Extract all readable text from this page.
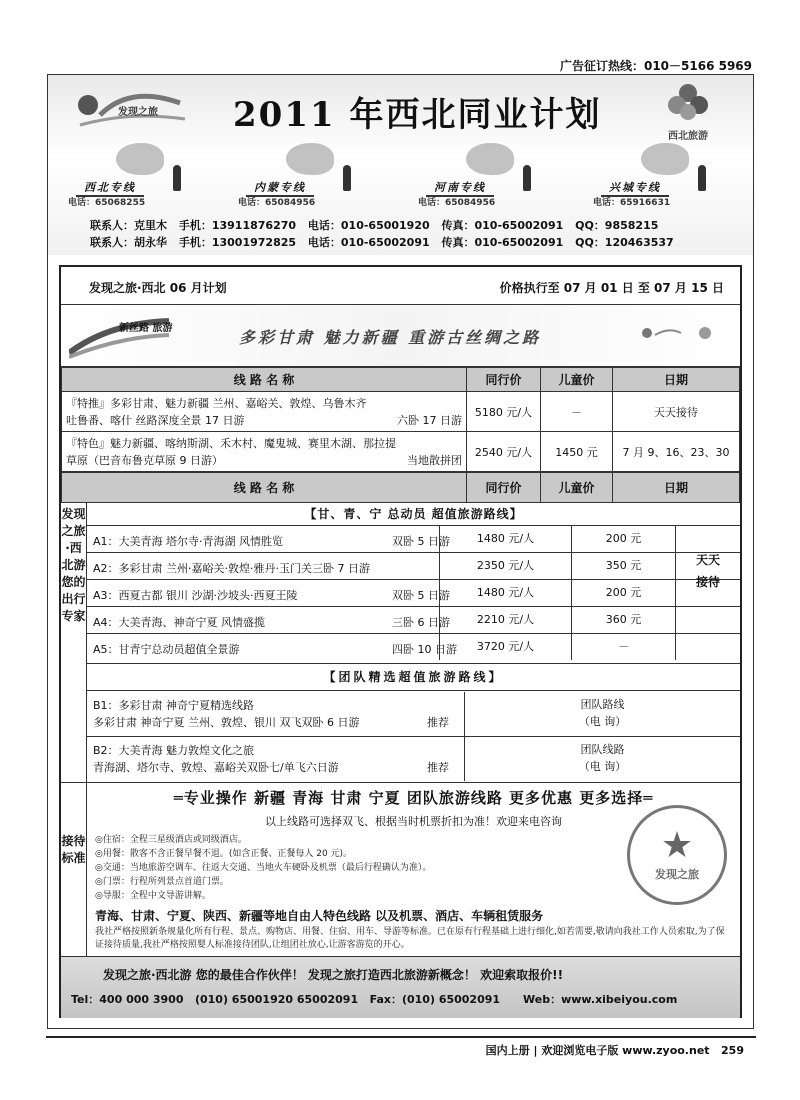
广告征订热线：010－5166 5969
发现之旅 2011 年西北同业计划
西北旅游
西北专线
电话：65068255
内蒙专线
电话：65084956
河南专线
电话：65084956
兴城专线
电话：65916631
联系人：克里木 手机：13911876270 电话：010-65001920 传真：010-65002091 QQ：9858215
联系人：胡永华 手机：13001972825 电话：010-65002091 传真：010-65002091 QQ：120463537
发现之旅·西北 06 月计划	价格执行至 07 月 01 日 至 07 月 15 日
新丝路 旅游	多彩甘肃 魅力新疆 重游古丝绸之路
线 路 名 称	同行价	儿童价	日期

『特推』多彩甘肃、魅力新疆 兰州、嘉峪关、敦煌、乌鲁木齐
吐鲁番、喀什 丝路深度全景 17 日游 六卧 17 日游	5180 元/人	－	天天接待

『特色』魅力新疆、喀纳斯湖、禾木村、魔鬼城、赛里木湖、那拉提
草原（巴音布鲁克草原 9 日游） 当地散拼团	2540 元/人	1450 元	7 月 9、16、23、30
线 路 名 称	同行价	儿童价	日期
发现之旅·西北游您的出行专家
【甘、青、宁 总动员 超值旅游路线】
A1：大美青海 塔尔寺·青海湖 风情胜览	双卧 5 日游	1480 元/人	200 元
A2：多彩甘肃 兰州·嘉峪关·敦煌·雅丹·玉门关三卧 7 日游	2350 元/人	350 元
A3：西夏古都 银川 沙湖·沙坡头·西夏王陵	双卧 5 日游	1480 元/人	200 元
A4：大美青海、神奇宁夏 风情盛揽	三卧 6 日游	2210 元/人	360 元
A5：甘青宁总动员超值全景游	四卧 10 日游	3720 元/人	－
天天接待
【团队精选超值旅游路线】
B1：多彩甘肃 神奇宁夏精选线路
多彩甘肃 神奇宁夏 兰州、敦煌、银川 双飞双卧 6 日游	推荐
团队路线
（电 询）
B2：大美青海 魅力敦煌文化之旅
青海湖、塔尔寺、敦煌、嘉峪关双卧七/单飞六日游	推荐
团队线路
（电 询）
接待标准
═专业操作 新疆 青海 甘肃 宁夏 团队旅游线路 更多优惠 更多选择═
以上线路可选择双飞、根据当时机票折扣为准！欢迎来电咨询
◎住宿：全程三星级酒店或同级酒店。
◎用餐：散客不含正餐早餐不退。(如含正餐、正餐每人 20 元)。
◎交通：当地旅游空调车、往返大交通、当地火车硬卧及机票（最后行程确认为准）。
◎门票：行程所列景点首道门票。
◎导服：全程中文导游讲解。
青海、甘肃、宁夏、陕西、新疆等地自由人特色线路 以及机票、酒店、车辆租赁服务
我社严格按照新条规量化所有行程、景点、购物店、用餐、住宿、用车、导游等标准。已在原有行程基础上进行细化,如若需要,敬请向我社工作人员索取,为了保证接待质量,我社严格按照婴人标准接待团队,让组团社放心,让游客游览的开心。
★
发现之旅
发现之旅·西北游 您的最佳合作伙伴！ 发现之旅打造西北旅游新概念！ 欢迎索取报价!!
Tel：400 000 3900   (010) 65001920 65002091   Fax：(010) 65002091      Web：www.xibeiyou.com
国内上册 | 欢迎浏览电子版 www.zyoo.net   259
